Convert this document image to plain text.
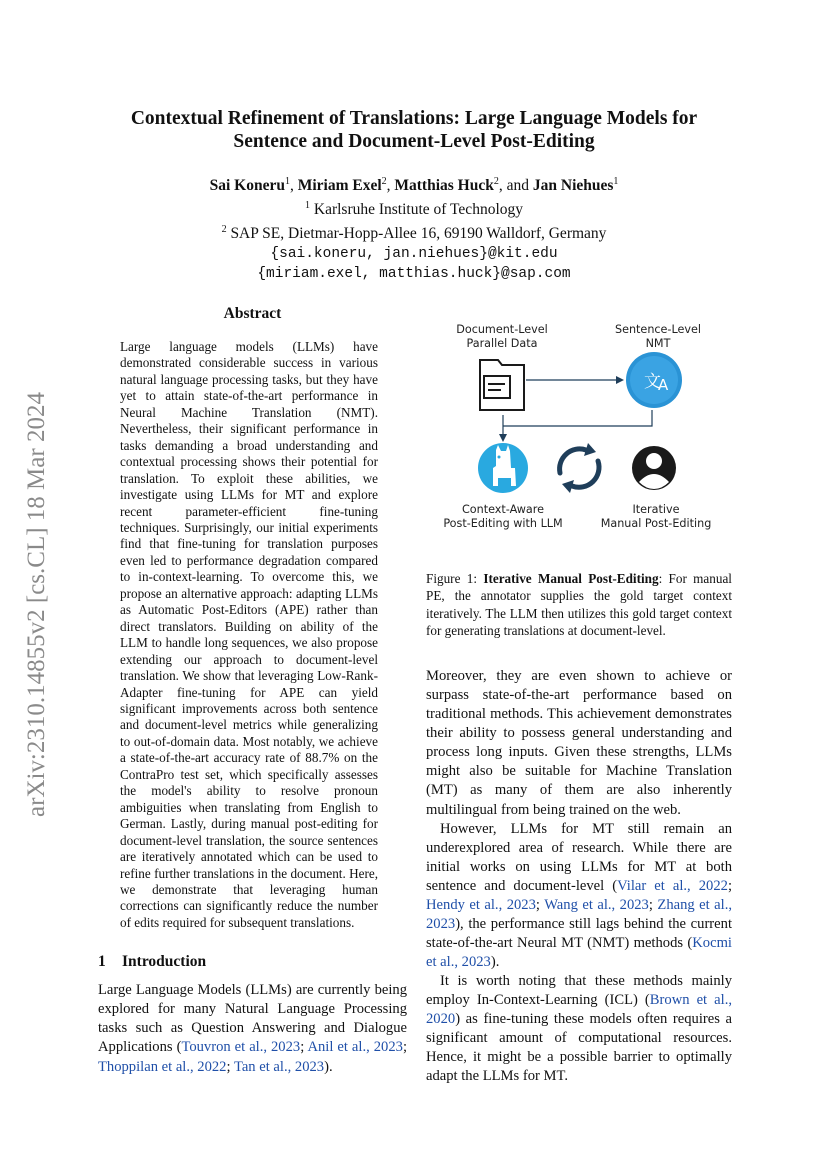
arXiv:2310.14855v2 [cs.CL] 18 Mar 2024
Contextual Refinement of Translations: Large Language Models for
Sentence and Document-Level Post-Editing
Sai Koneru$^1$, Miriam Exel$^2$, Matthias Huck$^2$, and Jan Niehues$^1$
$^1$ Karlsruhe Institute of Technology
$^2$ SAP SE, Dietmar-Hopp-Allee 16, 69190 Walldorf, Germany
{sai.koneru, jan.niehues}@kit.edu
{miriam.exel, matthias.huck}@sap.com
Abstract

Large language models (LLMs) have demonstrated considerable success in various natural language processing tasks, but they have yet to attain state-of-the-art performance in Neural Machine Translation (NMT). Nevertheless, their significant performance in tasks demanding a broad understanding and contextual processing shows their potential for translation. To exploit these abilities, we investigate using LLMs for MT and explore recent parameter-efficient fine-tuning techniques. Surprisingly, our initial experiments find that fine-tuning for translation purposes even led to performance degradation compared to in-context-learning. To overcome this, we propose an alternative approach: adapting LLMs as Automatic Post-Editors (APE) rather than direct translators. Building on ability of the LLM to handle long sequences, we also propose extending our approach to document-level translation. We show that leveraging Low-Rank-Adapter fine-tuning for APE can yield significant improvements across both sentence and document-level metrics while generalizing to out-of-domain data. Most notably, we achieve a state-of-the-art accuracy rate of 88.7% on the ContraPro test set, which specifically assesses the model's ability to resolve pronoun ambiguities when translating from English to German. Lastly, during manual post-editing for document-level translation, the source sentences are iteratively annotated which can be used to refine further translations in the document. Here, we demonstrate that leveraging human corrections can significantly reduce the number of edits required for subsequent translations.

1 Introduction

Large Language Models (LLMs) are currently being explored for many Natural Language Processing tasks such as Question Answering and Dialogue Applications (Touvron et al., 2023; Anil et al., 2023; Thoppilan et al., 2022; Tan et al., 2023).

文
A
Document-Level
Parallel Data
Sentence-Level
NMT
Context-Aware
Post-Editing with LLM
Iterative
Manual Post-Editing
Figure 1: Iterative Manual Post-Editing: For manual PE, the annotator supplies the gold target context iteratively. The LLM then utilizes this gold target context for generating translations at document-level.

Moreover, they are even shown to achieve or surpass state-of-the-art performance based on traditional methods. This achievement demonstrates their ability to possess general understanding and process long inputs. Given these strengths, LLMs might also be suitable for Machine Translation (MT) as many of them are also inherently multilingual from being trained on the web.

However, LLMs for MT still remain an underexplored area of research. While there are initial works on using LLMs for MT at both sentence and document-level (Vilar et al., 2022; Hendy et al., 2023; Wang et al., 2023; Zhang et al., 2023), the performance still lags behind the current state-of-the-art Neural MT (NMT) methods (Kocmi et al., 2023).

It is worth noting that these methods mainly employ In-Context-Learning (ICL) (Brown et al., 2020) as fine-tuning these models often requires a significant amount of computational resources. Hence, it might be a possible barrier to optimally adapt the LLMs for MT.
